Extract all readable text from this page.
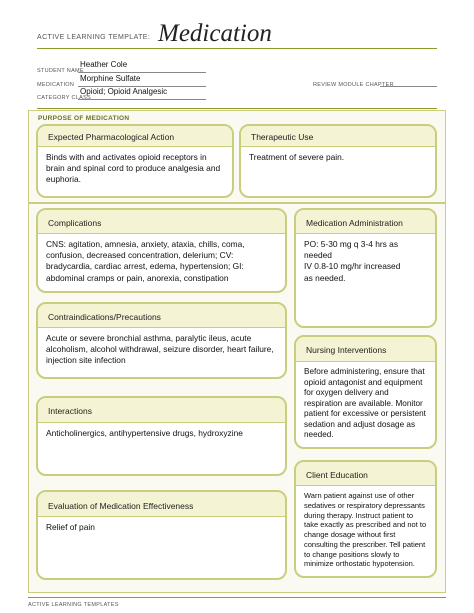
ACTIVE LEARNING TEMPLATE: Medication
STUDENT NAME
Heather Cole
MEDICATION
Morphine Sulfate
REVIEW MODULE CHAPTER
CATEGORY CLASS
Opioid; Opioid Analgesic
PURPOSE OF MEDICATION
Expected Pharmacological Action
Binds with and activates opioid receptors in brain and spinal cord to produce analgesia and euphoria.
Therapeutic Use
Treatment of severe pain.
Complications
CNS: agitation, amnesia, anxiety, ataxia, chills, coma, confusion, decreased concentration, delerium; CV: bradycardia, cardiac arrest, edema, hypertension; GI: abdominal cramps or pain, anorexia, constipation
Medication Administration
PO: 5-30 mg q 3-4 hrs as needed
IV 0.8-10 mg/hr increased as needed.
Contraindications/Precautions
Acute or severe bronchial asthma, paralytic ileus, acute alcoholism, alcohol withdrawal, seizure disorder, heart failure, injection site infection
Nursing Interventions
Before administering, ensure that opioid antagonist and equipment for oxygen delivery and respiration are available. Monitor patient for excessive or persistent sedation and adjust dosage as needed.
Interactions
Anticholinergics, antihypertensive drugs, hydroxyzine
Client Education
Warn patient against use of other sedatives or respiratory depressants during therapy. Instruct patient to take exactly as prescribed and not to change dosage without first consulting the prescriber. Tell patient to change positions slowly to minimize orthostatic hypotension.
Evaluation of Medication Effectiveness
Relief of pain
ACTIVE LEARNING TEMPLATES
